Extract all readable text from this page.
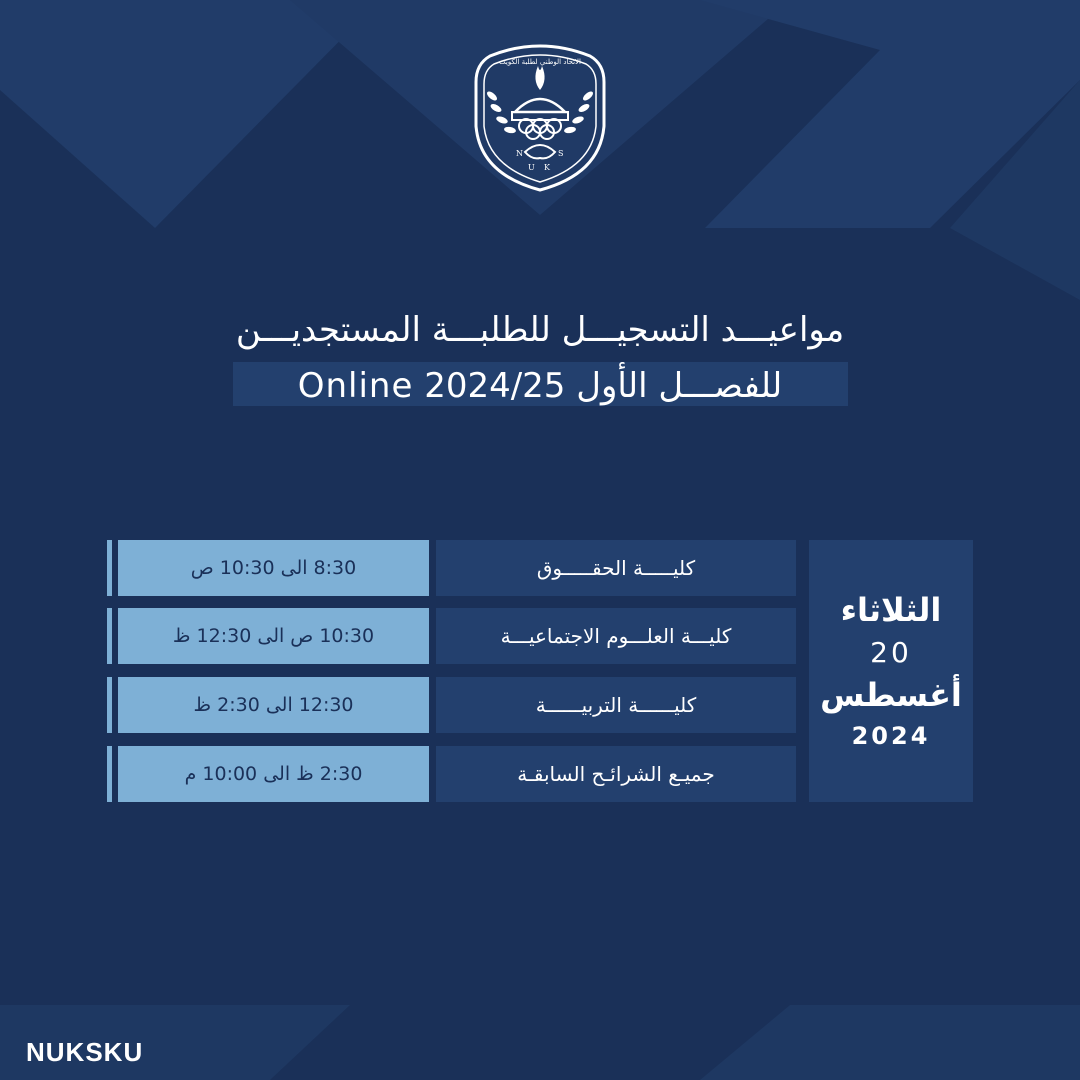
الاتحاد الوطني لطلبة الكويت
N
U K
S
مواعيـــد التسجيـــل للطلبـــة المستجديـــن
للفصـــل الأول 2024/25 Online
8:30 الى 10:30 ص	كليـــــة الحقـــــوق
10:30 ص الى 12:30 ظ	كليـــة العلـــوم الاجتماعيـــة
12:30 الى 2:30 ظ	كليــــــة التربيــــــة
2:30 ظ الى 10:00 م	جميـع الشرائـح السابقـة
الثلاثاء
20
أغسطس
2024
NUKSKU
